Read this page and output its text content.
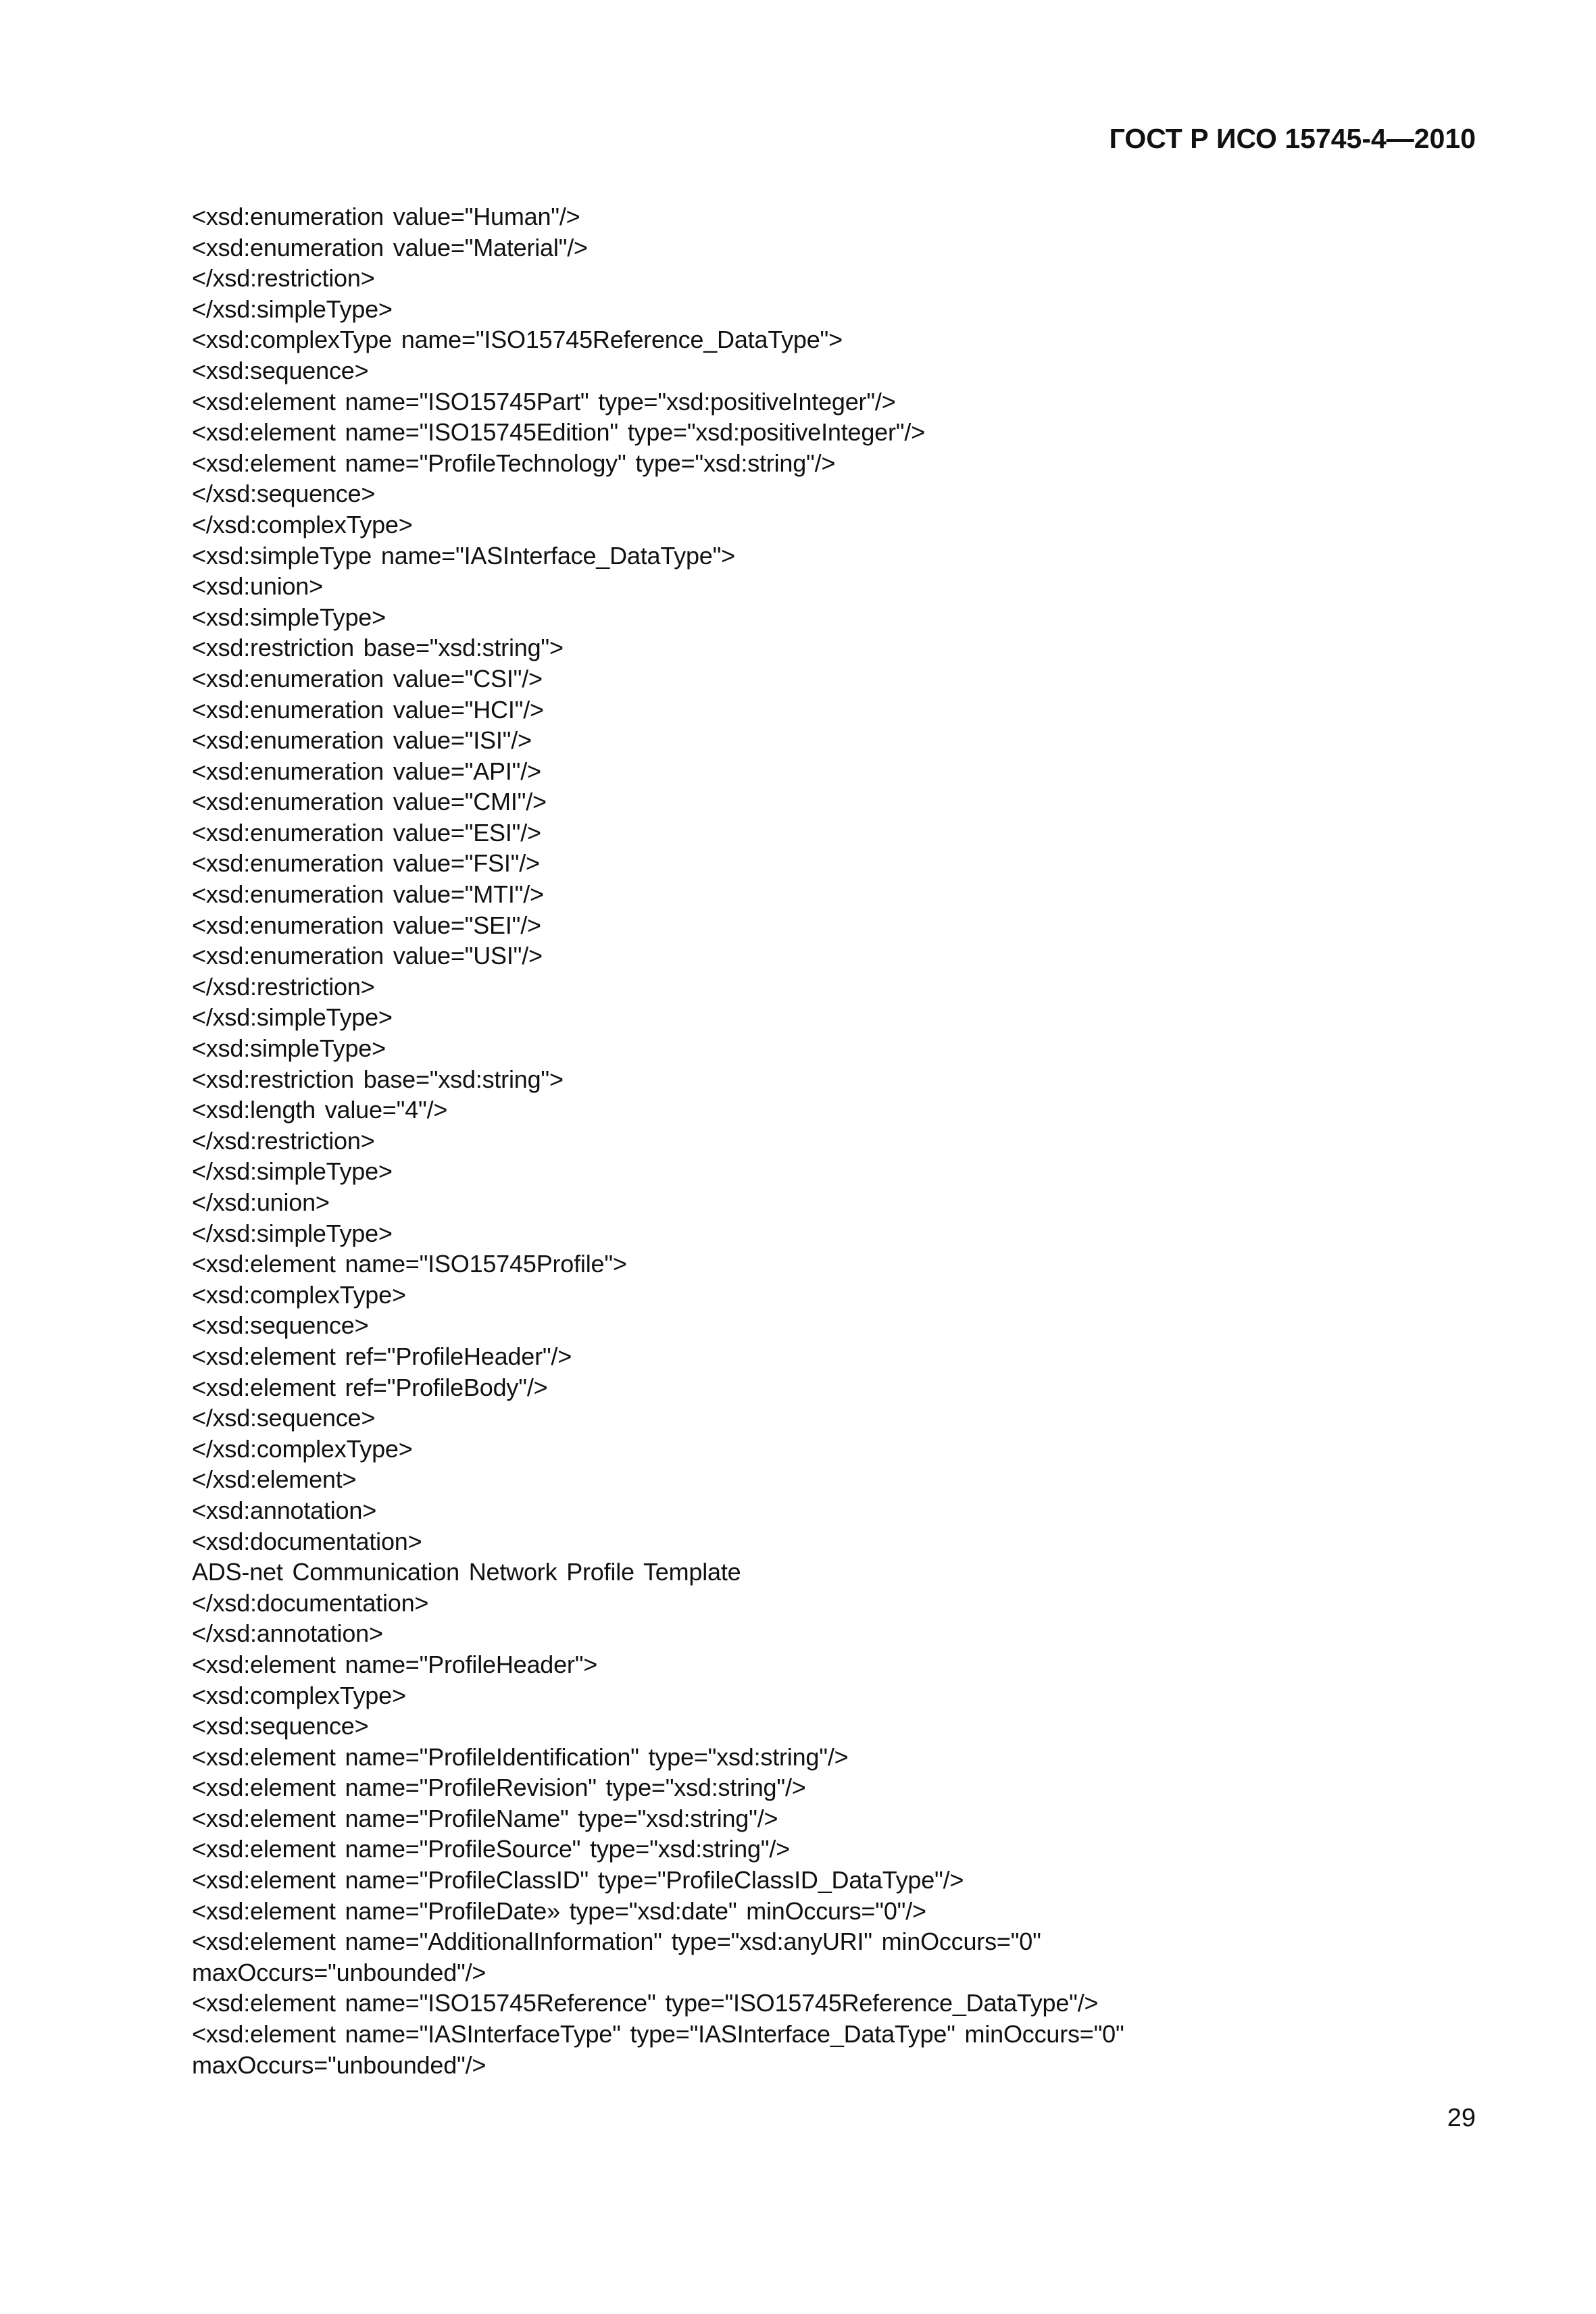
ГОСТ Р ИСО 15745-4—2010
<xsd:enumeration value="Human"/>
<xsd:enumeration value="Material"/>
</xsd:restriction>
</xsd:simpleType>
<xsd:complexType name="ISO15745Reference_DataType">
<xsd:sequence>
<xsd:element name="ISO15745Part" type="xsd:positiveInteger"/>
<xsd:element name="ISO15745Edition" type="xsd:positiveInteger"/>
<xsd:element name="ProfileTechnology" type="xsd:string"/>
</xsd:sequence>
</xsd:complexType>
<xsd:simpleType name="IASInterface_DataType">
<xsd:union>
<xsd:simpleType>
<xsd:restriction base="xsd:string">
<xsd:enumeration value="CSI"/>
<xsd:enumeration value="HCI"/>
<xsd:enumeration value="ISI"/>
<xsd:enumeration value="API"/>
<xsd:enumeration value="CMI"/>
<xsd:enumeration value="ESI"/>
<xsd:enumeration value="FSI"/>
<xsd:enumeration value="MTI"/>
<xsd:enumeration value="SEI"/>
<xsd:enumeration value="USI"/>
</xsd:restriction>
</xsd:simpleType>
<xsd:simpleType>
<xsd:restriction base="xsd:string">
<xsd:length value="4"/>
</xsd:restriction>
</xsd:simpleType>
</xsd:union>
</xsd:simpleType>
<xsd:element name="ISO15745Profile">
<xsd:complexType>
<xsd:sequence>
<xsd:element ref="ProfileHeader"/>
<xsd:element ref="ProfileBody"/>
</xsd:sequence>
</xsd:complexType>
</xsd:element>
<xsd:annotation>
<xsd:documentation>
ADS-net Communication Network Profile Template
</xsd:documentation>
</xsd:annotation>
<xsd:element name="ProfileHeader">
<xsd:complexType>
<xsd:sequence>
<xsd:element name="ProfileIdentification" type="xsd:string"/>
<xsd:element name="ProfileRevision" type="xsd:string"/>
<xsd:element name="ProfileName" type="xsd:string"/>
<xsd:element name="ProfileSource" type="xsd:string"/>
<xsd:element name="ProfileClassID" type="ProfileClassID_DataType"/>
<xsd:element name="ProfileDate» type="xsd:date" minOccurs="0"/>
<xsd:element name="AdditionalInformation" type="xsd:anyURI" minOccurs="0"
maxOccurs="unbounded"/>
<xsd:element name="ISO15745Reference" type="ISO15745Reference_DataType"/>
<xsd:element name="IASInterfaceType" type="IASInterface_DataType" minOccurs="0"
maxOccurs="unbounded"/>
29
